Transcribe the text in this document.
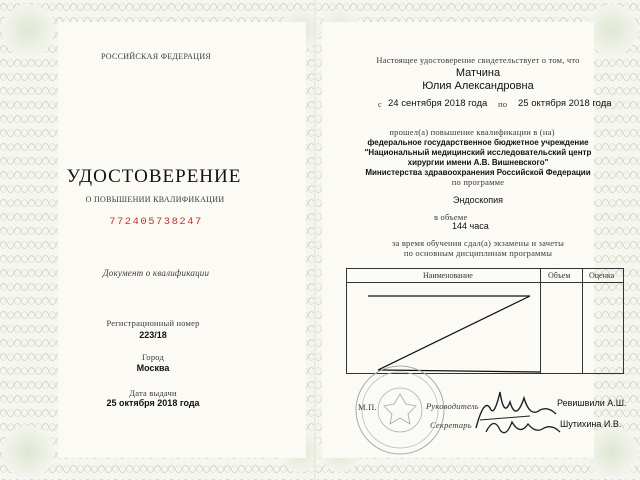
РОССИЙСКАЯ ФЕДЕРАЦИЯ
УДОСТОВЕРЕНИЕ
О ПОВЫШЕНИИ КВАЛИФИКАЦИИ
772405738247
Документ о квалификации
Регистрационный номер
223/18
Город
Москва
Дата выдачи
25 октября 2018 года
Настоящее удостоверение свидетельствует о том, что
Матчина
Юлия Александровна
с 24 сентября 2018 года по 25 октября 2018 года
прошел(а) повышение квалификации в (на)
федеральное государственное бюджетное учреждение
"Национальный медицинский исследовательский центр
хирургии имени А.В. Вишневского"
Министерства здравоохранения Российской Федерации
по программе
Эндоскопия
в объеме
144 часа
за время обучения сдал(а) экзамены и зачеты
по основным дисциплинам программы
Наименование	Объем Оценка
М.П.	Руководитель	Ревишвили А.Ш.
Секретарь	Шутихина И.В.
